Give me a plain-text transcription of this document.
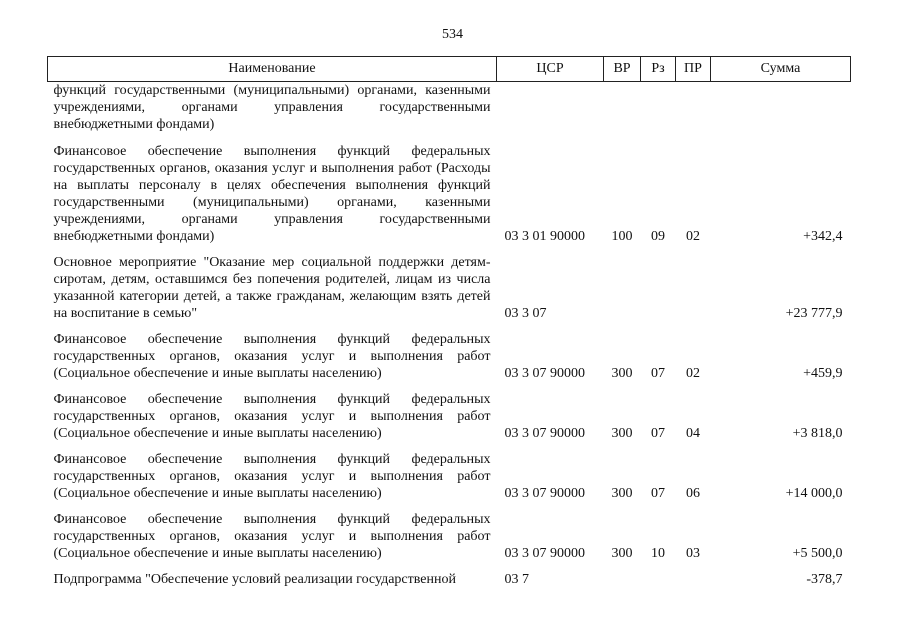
534
Наименование	ЦСР	ВР	Рз	ПР	Сумма
функций государственными (муниципальными) органами, казенными учреждениями, органами управления государственными внебюджетными фондами)					
Финансовое обеспечение выполнения функций федеральных государственных органов, оказания услуг и выполнения работ (Расходы на выплаты персоналу в целях обеспечения выполнения функций государственными (муниципальными) органами, казенными учреждениями, органами управления государственными внебюджетными фондами)	03 3 01 90000	100	09	02	+342,4

Основное мероприятие "Оказание мер социальной поддержки детям-сиротам, детям, оставшимся без попечения родителей, лицам из числа указанной категории детей, а также гражданам, желающим взять детей на воспитание в семью"	03 3 07				+23 777,9

Финансовое обеспечение выполнения функций федеральных государственных органов, оказания услуг и выполнения работ (Социальное обеспечение и иные выплаты населению)	03 3 07 90000	300	07	02	+459,9

Финансовое обеспечение выполнения функций федеральных государственных органов, оказания услуг и выполнения работ (Социальное обеспечение и иные выплаты населению)	03 3 07 90000	300	07	04	+3 818,0

Финансовое обеспечение выполнения функций федеральных государственных органов, оказания услуг и выполнения работ (Социальное обеспечение и иные выплаты населению)	03 3 07 90000	300	07	06	+14 000,0

Финансовое обеспечение выполнения функций федеральных государственных органов, оказания услуг и выполнения работ (Социальное обеспечение и иные выплаты населению)	03 3 07 90000	300	10	03	+5 500,0

Подпрограмма "Обеспечение условий реализации государственной	03 7				-378,7
